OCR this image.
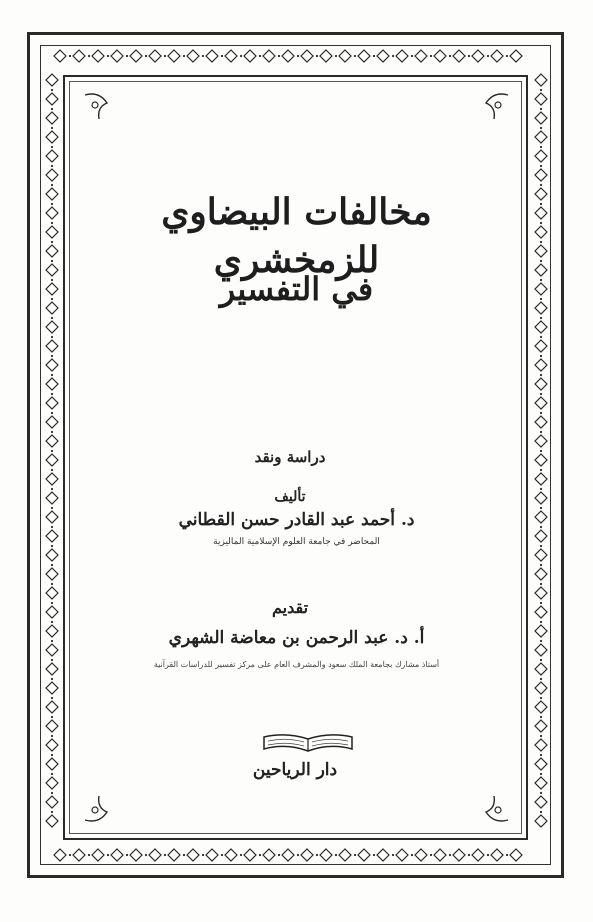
مخالفات البيضاوي للزمخشري
في التفسير
دراسة ونقد
تأليف
د. أحمد عبد القادر حسن القطاني
المحاضر في جامعة العلوم الإسلامية الماليزية
تقديم
أ. د. عبد الرحمن بن معاضة الشهري
أستاذ مشارك بجامعة الملك سعود والمشرف العام على مركز تفسير للدراسات القرآنية
دار الرياحين
